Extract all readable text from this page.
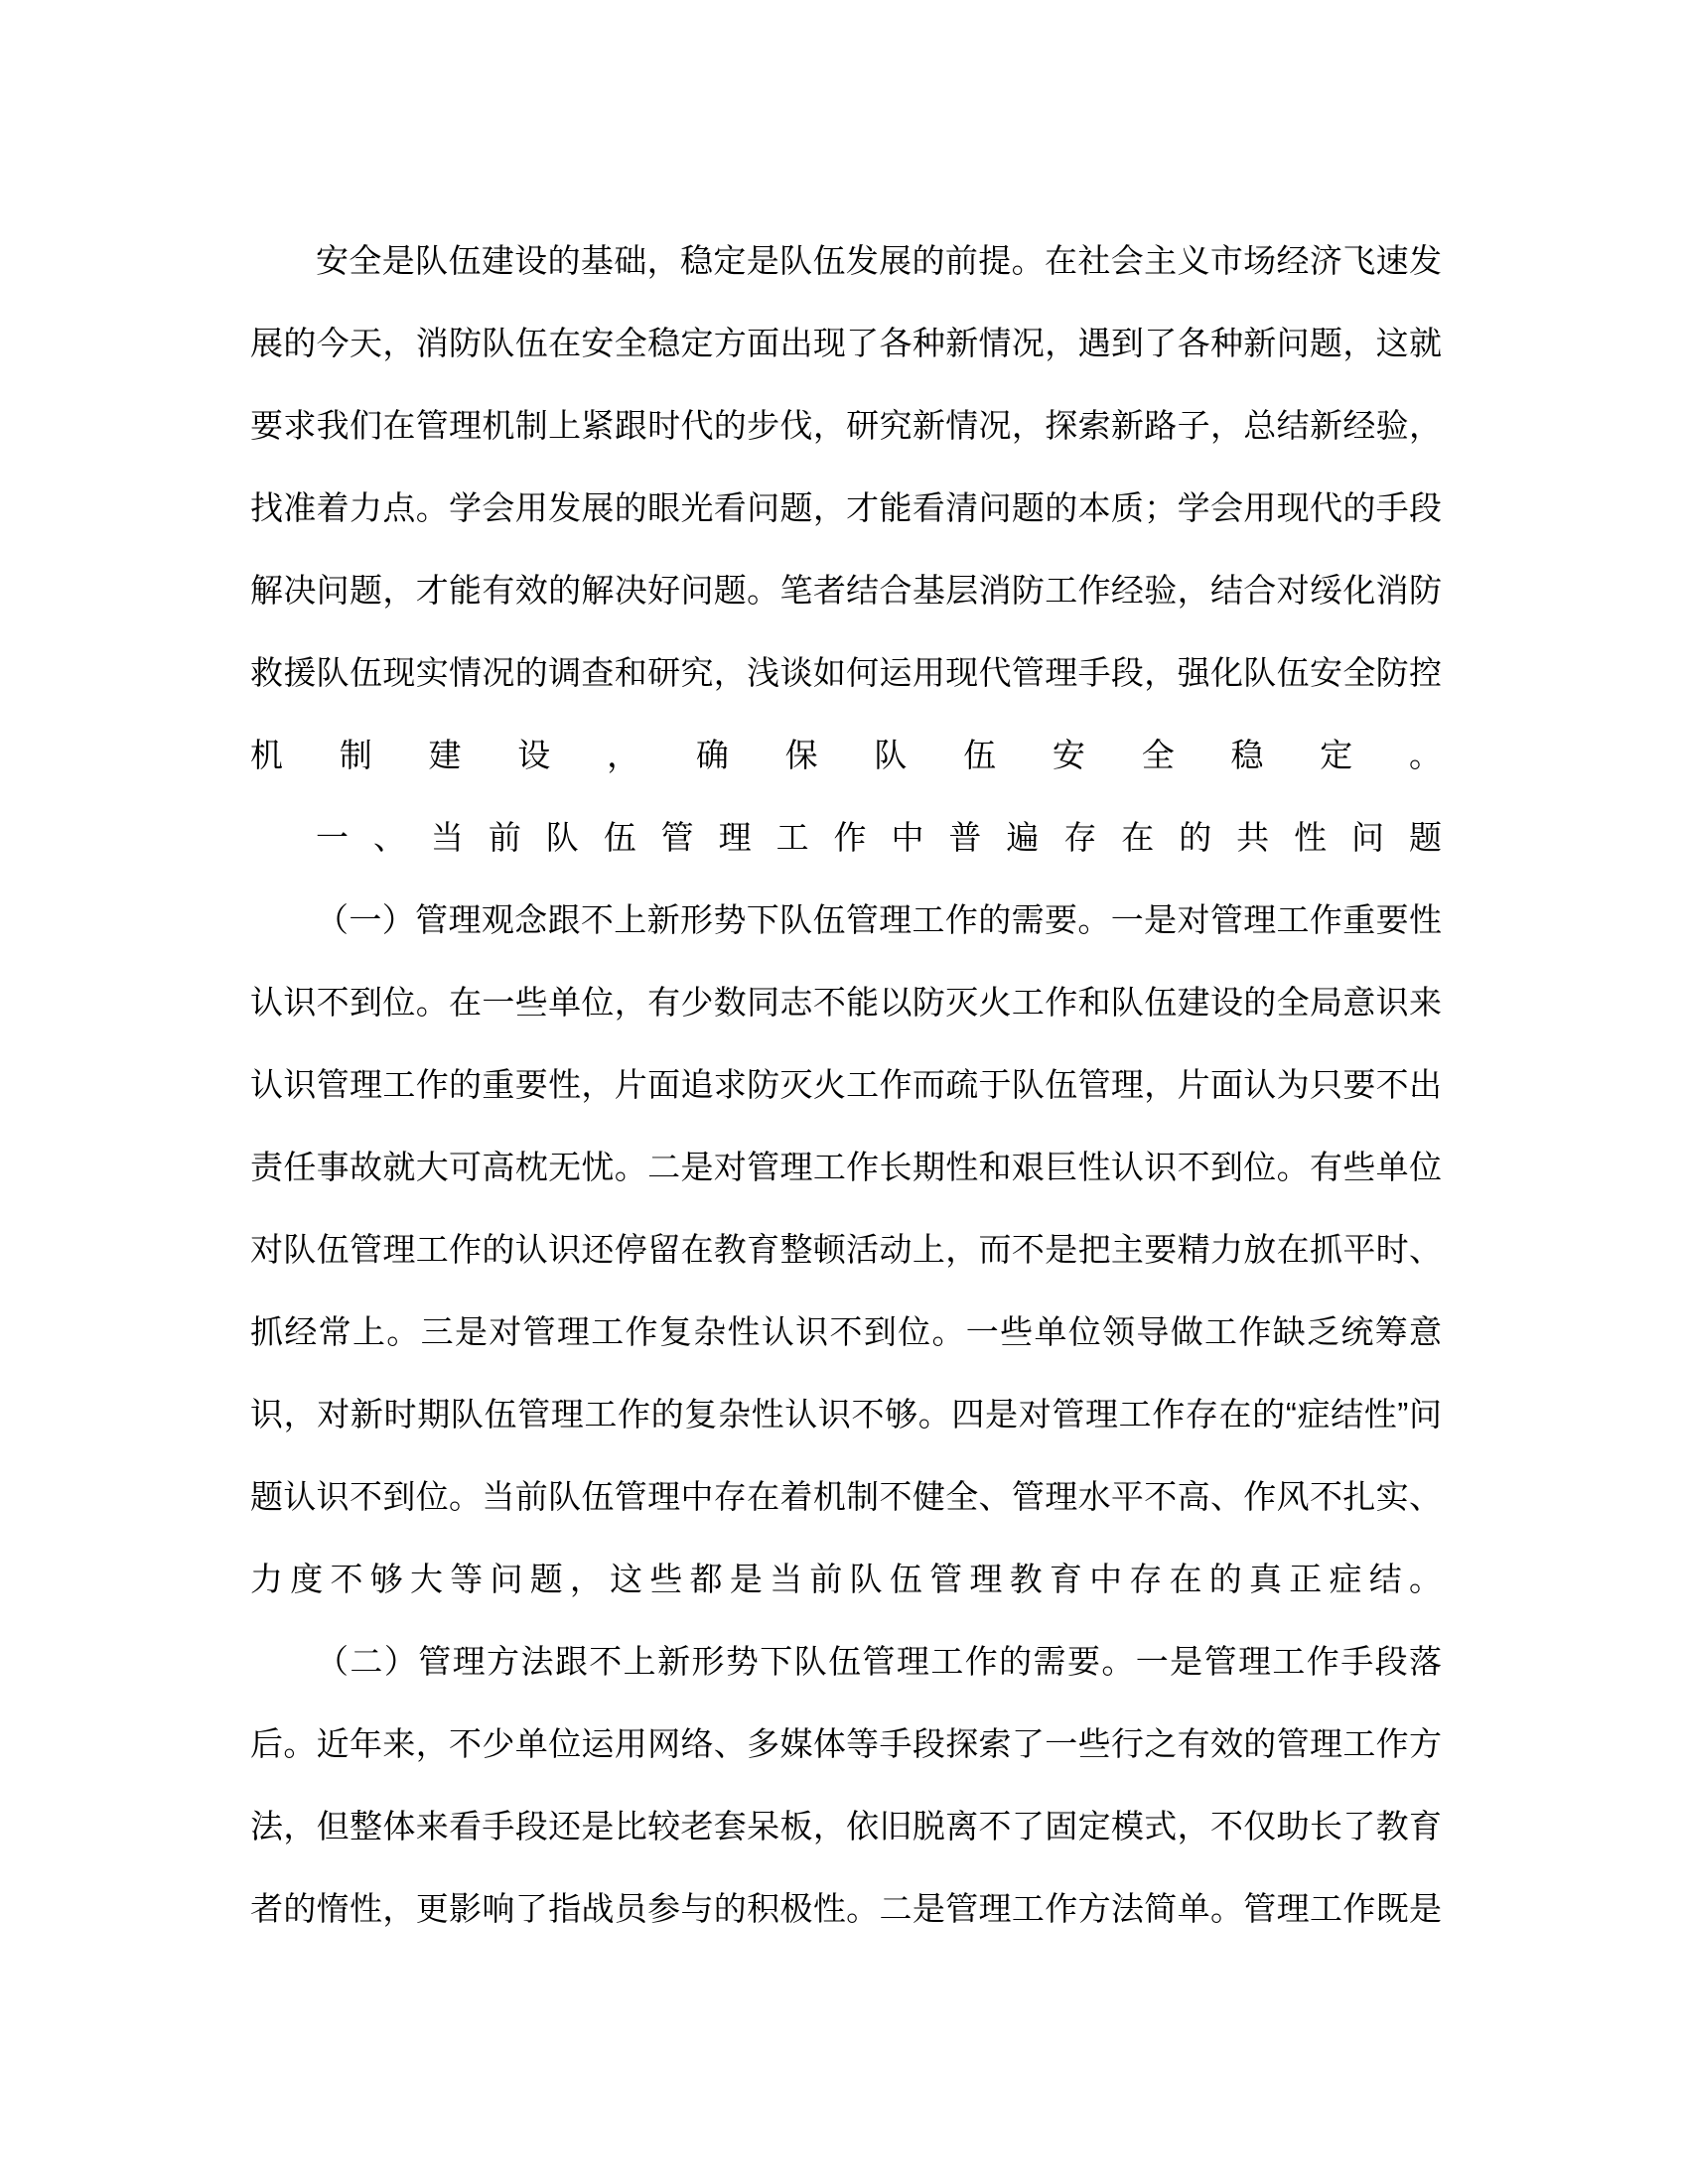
安全是队伍建设的基础，稳定是队伍发展的前提。在社会主义市场经济飞速发展的今天，消防队伍在安全稳定方面出现了各种新情况，遇到了各种新问题，这就要求我们在管理机制上紧跟时代的步伐，研究新情况，探索新路子，总结新经验，找准着力点。学会用发展的眼光看问题，才能看清问题的本质；学会用现代的手段解决问题，才能有效的解决好问题。笔者结合基层消防工作经验，结合对绥化消防救援队伍现实情况的调查和研究，浅谈如何运用现代管理手段，强化队伍安全防控机制建设，确保队伍安全稳定。

一、当前队伍管理工作中普遍存在的共性问题

（一）管理观念跟不上新形势下队伍管理工作的需要。一是对管理工作重要性认识不到位。在一些单位，有少数同志不能以防灭火工作和队伍建设的全局意识来认识管理工作的重要性，片面追求防灭火工作而疏于队伍管理，片面认为只要不出责任事故就大可高枕无忧。二是对管理工作长期性和艰巨性认识不到位。有些单位对队伍管理工作的认识还停留在教育整顿活动上，而不是把主要精力放在抓平时、抓经常上。三是对管理工作复杂性认识不到位。一些单位领导做工作缺乏统筹意识，对新时期队伍管理工作的复杂性认识不够。四是对管理工作存在的“症结性”问题认识不到位。当前队伍管理中存在着机制不健全、管理水平不高、作风不扎实、力度不够大等问题，这些都是当前队伍管理教育中存在的真正症结。

（二）管理方法跟不上新形势下队伍管理工作的需要。一是管理工作手段落后。近年来，不少单位运用网络、多媒体等手段探索了一些行之有效的管理工作方法，但整体来看手段还是比较老套呆板，依旧脱离不了固定模式，不仅助长了教育者的惰性，更影响了指战员参与的积极性。二是管理工作方法简单。管理工作既是
